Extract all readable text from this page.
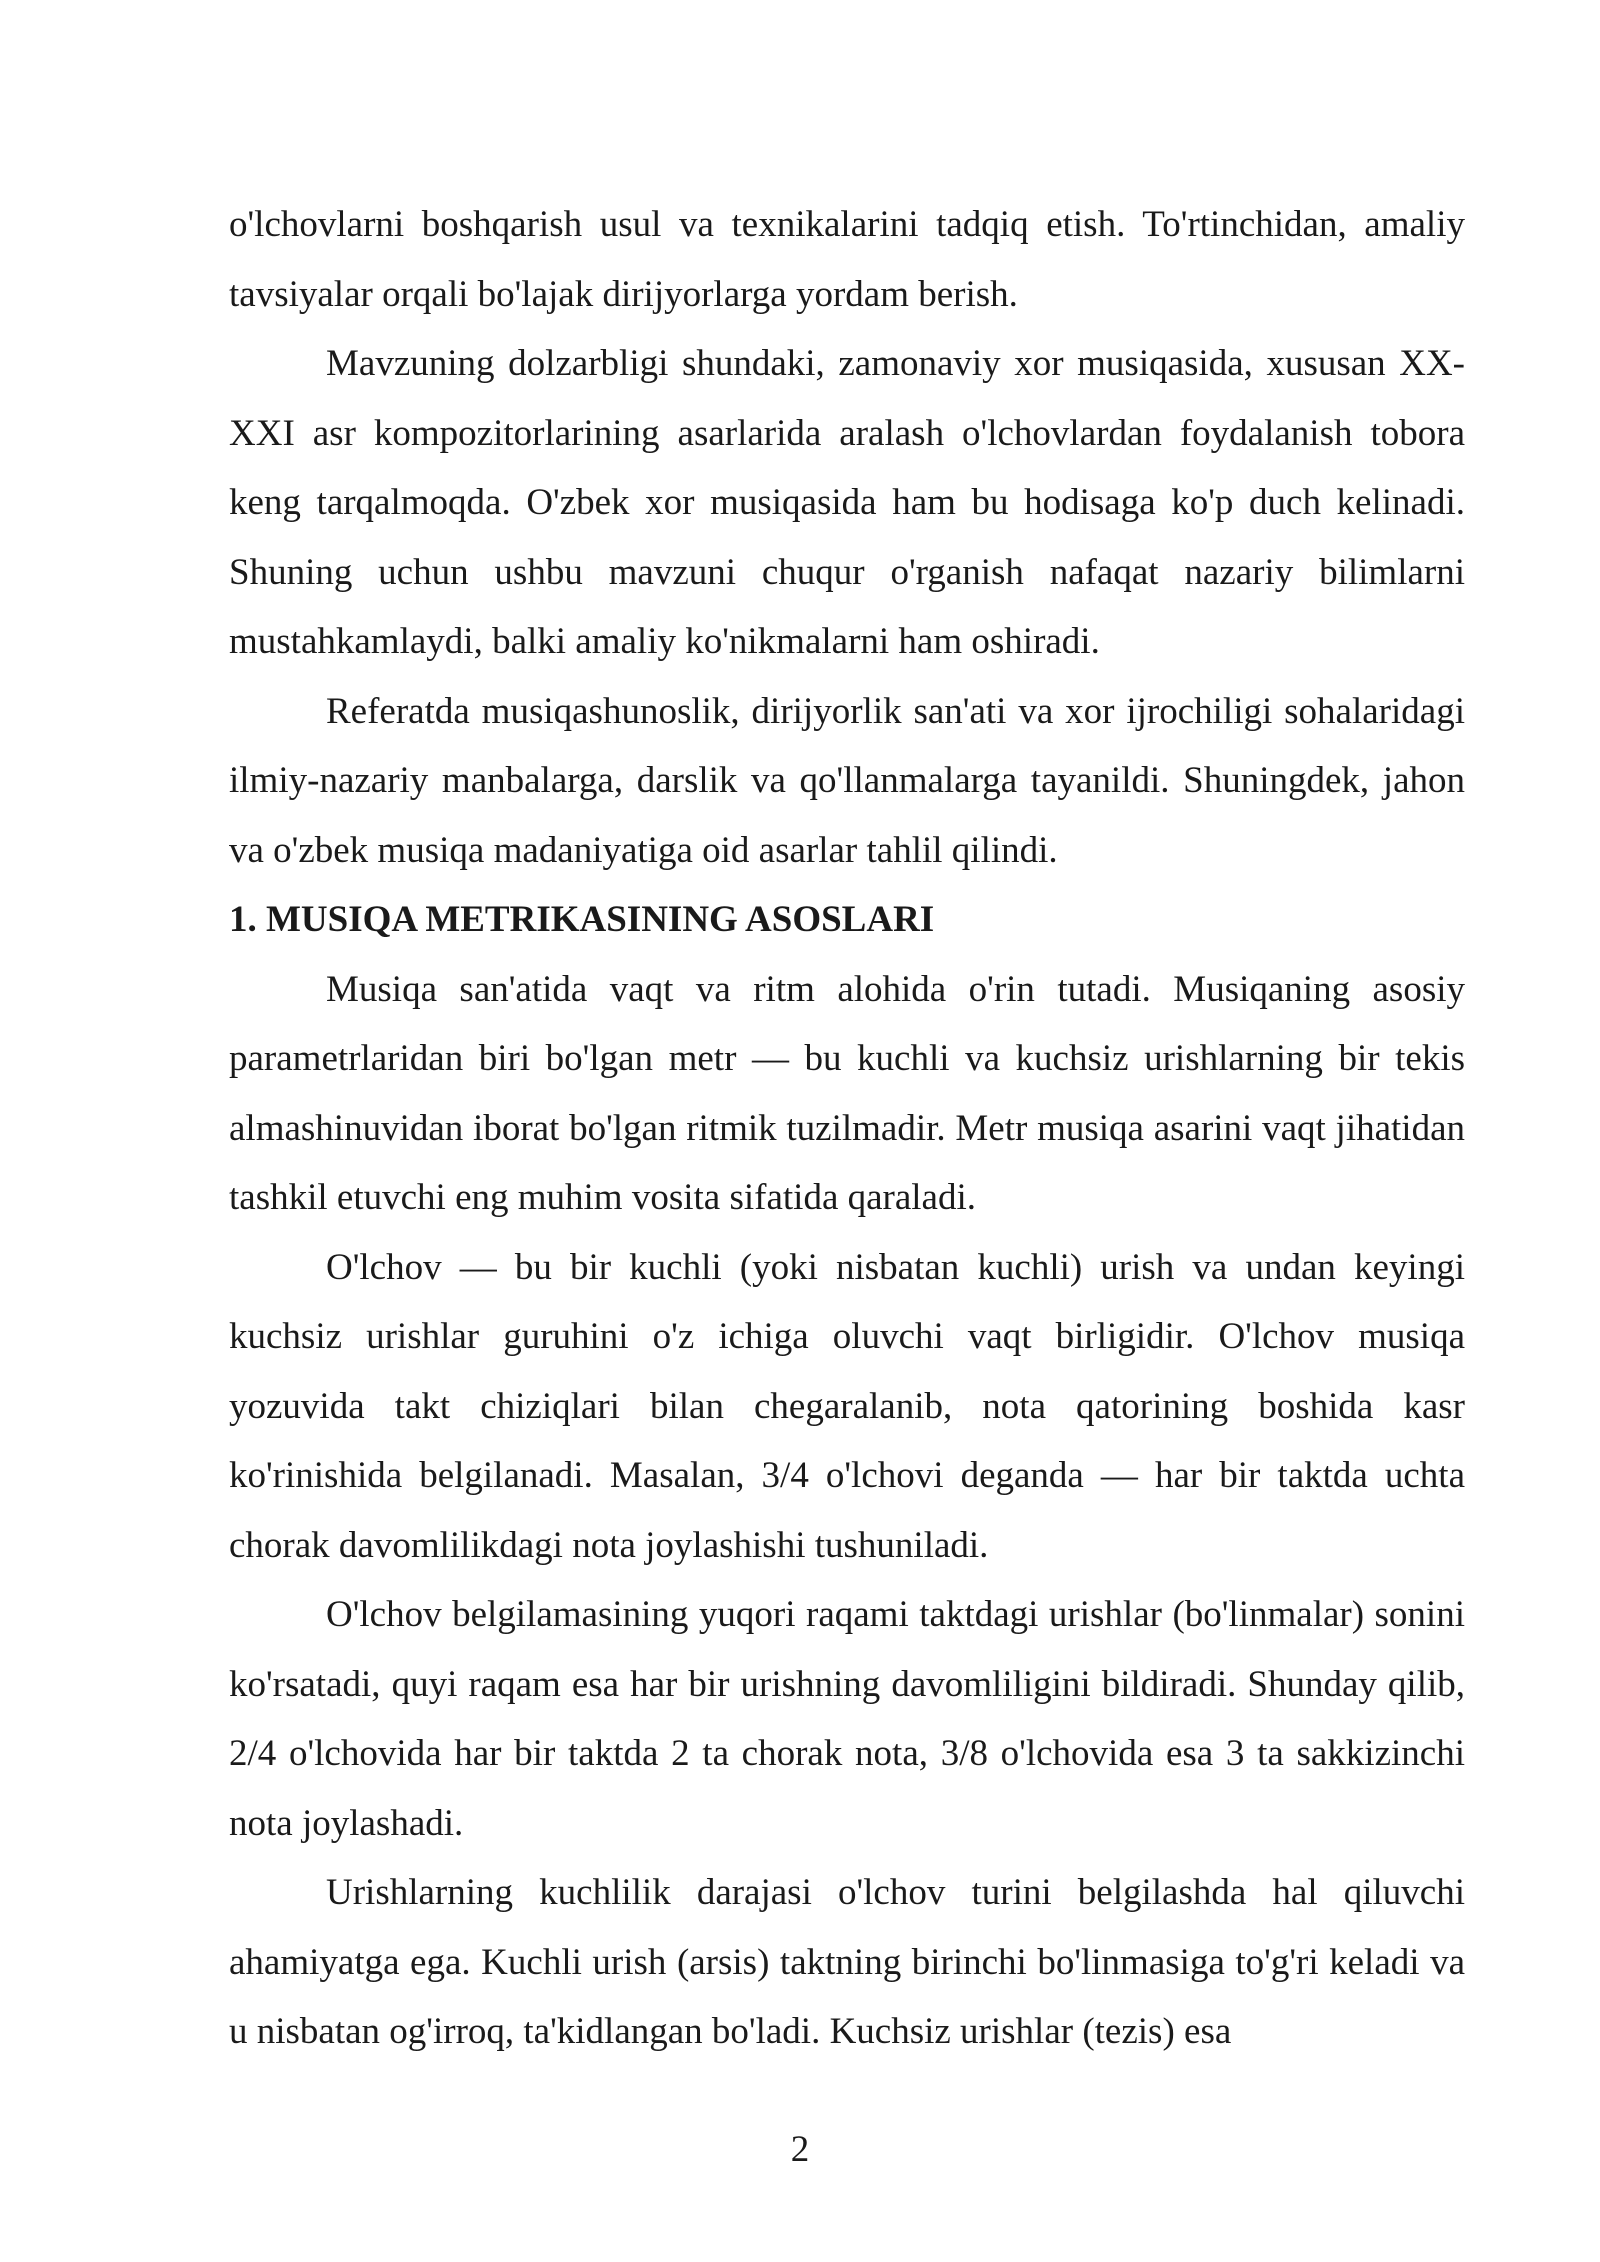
o'lchovlarni boshqarish usul va texnikalarini tadqiq etish. To'rtinchidan, amaliy tavsiyalar orqali bo'lajak dirijyorlarga yordam berish.

Mavzuning dolzarbligi shundaki, zamonaviy xor musiqasida, xususan XX-XXI asr kompozitorlarining asarlarida aralash o'lchovlardan foydalanish tobora keng tarqalmoqda. O'zbek xor musiqasida ham bu hodisaga ko'p duch kelinadi. Shuning uchun ushbu mavzuni chuqur o'rganish nafaqat nazariy bilimlarni mustahkamlaydi, balki amaliy ko'nikmalarni ham oshiradi.

Referatda musiqashunoslik, dirijyorlik san'ati va xor ijrochiligi sohalaridagi ilmiy-nazariy manbalarga, darslik va qo'llanmalarga tayanildi. Shuningdek, jahon va o'zbek musiqa madaniyatiga oid asarlar tahlil qilindi.

1. MUSIQA METRIKASINING ASOSLARI

Musiqa san'atida vaqt va ritm alohida o'rin tutadi. Musiqaning asosiy parametrlaridan biri bo'lgan metr — bu kuchli va kuchsiz urishlarning bir tekis almashinuvidan iborat bo'lgan ritmik tuzilmadir. Metr musiqa asarini vaqt jihatidan tashkil etuvchi eng muhim vosita sifatida qaraladi.

O'lchov — bu bir kuchli (yoki nisbatan kuchli) urish va undan keyingi kuchsiz urishlar guruhini o'z ichiga oluvchi vaqt birligidir. O'lchov musiqa yozuvida takt chiziqlari bilan chegaralanib, nota qatorining boshida kasr ko'rinishida belgilanadi. Masalan, 3/4 o'lchovi deganda — har bir taktda uchta chorak davomlilikdagi nota joylashishi tushuniladi.

O'lchov belgilamasining yuqori raqami taktdagi urishlar (bo'linmalar) sonini ko'rsatadi, quyi raqam esa har bir urishning davomliligini bildiradi. Shunday qilib, 2/4 o'lchovida har bir taktda 2 ta chorak nota, 3/8 o'lchovida esa 3 ta sakkizinchi nota joylashadi.

Urishlarning kuchlilik darajasi o'lchov turini belgilashda hal qiluvchi ahamiyatga ega. Kuchli urish (arsis) taktning birinchi bo'linmasiga to'g'ri keladi va u nisbatan og'irroq, ta'kidlangan bo'ladi. Kuchsiz urishlar (tezis) esa

2
